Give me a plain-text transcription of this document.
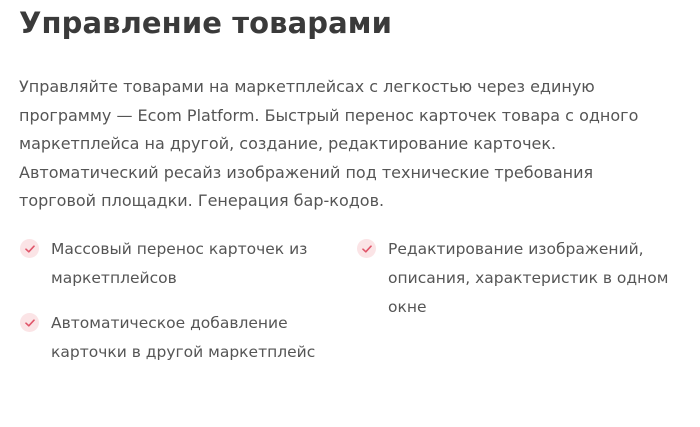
Управление товарами

Управляйте товарами на маркетплейсах с легкостью через единую
программу — Ecom Platform. Быстрый перенос карточек товара с одного
маркетплейса на другой, создание, редактирование карточек.
Автоматический ресайз изображений под технические требования
торговой площадки. Генерация бар-кодов.

Массовый перенос карточек из
маркетплейсов
Редактирование изображений,
описания, характеристик в одном
окне
Автоматическое добавление
карточки в другой маркетплейс
